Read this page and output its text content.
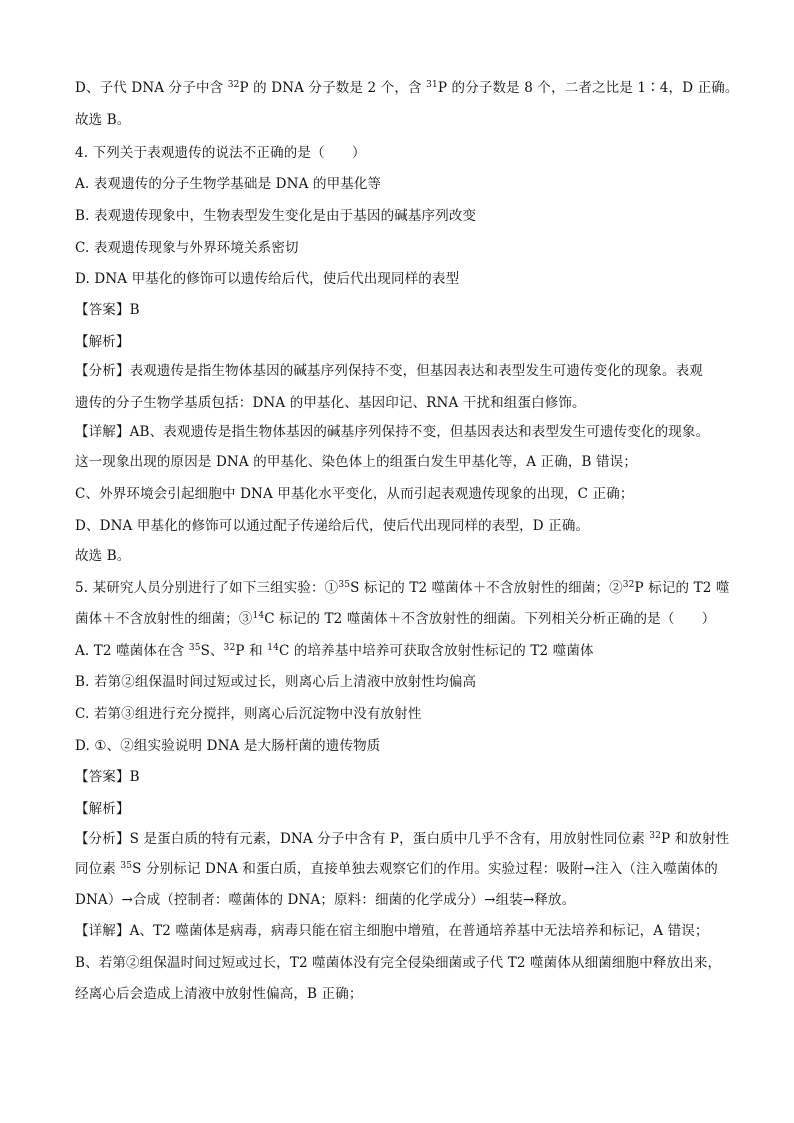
D、子代 DNA 分子中含 $^{32}$P 的 DNA 分子数是 2 个，含 $^{31}$P 的分子数是 8 个，二者之比是 1∶4，D 正确。
故选 B。
4. 下列关于表观遗传的说法不正确的是（　　）
A. 表观遗传的分子生物学基础是 DNA 的甲基化等
B. 表观遗传现象中，生物表型发生变化是由于基因的碱基序列改变
C. 表观遗传现象与外界环境关系密切
D. DNA 甲基化的修饰可以遗传给后代，使后代出现同样的表型
【答案】B
【解析】
【分析】表观遗传是指生物体基因的碱基序列保持不变，但基因表达和表型发生可遗传变化的现象。表观
遗传的分子生物学基质包括：DNA 的甲基化、基因印记、RNA 干扰和组蛋白修饰。
【详解】AB、表观遗传是指生物体基因的碱基序列保持不变，但基因表达和表型发生可遗传变化的现象。
这一现象出现的原因是 DNA 的甲基化、染色体上的组蛋白发生甲基化等，A 正确，B 错误；
C、外界环境会引起细胞中 DNA 甲基化水平变化，从而引起表观遗传现象的出现，C 正确；
D、DNA 甲基化的修饰可以通过配子传递给后代，使后代出现同样的表型，D 正确。
故选 B。
5. 某研究人员分别进行了如下三组实验：①$^{35}$S 标记的 T2 噬菌体＋不含放射性的细菌；②$^{32}$P 标记的 T2 噬
菌体＋不含放射性的细菌；③$^{14}$C 标记的 T2 噬菌体＋不含放射性的细菌。下列相关分析正确的是（　　）
A. T2 噬菌体在含 $^{35}$S、$^{32}$P 和 $^{14}$C 的培养基中培养可获取含放射性标记的 T2 噬菌体
B. 若第②组保温时间过短或过长，则离心后上清液中放射性均偏高
C. 若第③组进行充分搅拌，则离心后沉淀物中没有放射性
D. ①、②组实验说明 DNA 是大肠杆菌的遗传物质
【答案】B
【解析】
【分析】S 是蛋白质的特有元素，DNA 分子中含有 P，蛋白质中几乎不含有，用放射性同位素 $^{32}$P 和放射性
同位素 $^{35}$S 分别标记 DNA 和蛋白质，直接单独去观察它们的作用。实验过程：吸附→注入（注入噬菌体的
DNA）→合成（控制者：噬菌体的 DNA；原料：细菌的化学成分）→组装→释放。
【详解】A、T2 噬菌体是病毒，病毒只能在宿主细胞中增殖，在普通培养基中无法培养和标记，A 错误；
B、若第②组保温时间过短或过长，T2 噬菌体没有完全侵染细菌或子代 T2 噬菌体从细菌细胞中释放出来，
经离心后会造成上清液中放射性偏高，B 正确；
